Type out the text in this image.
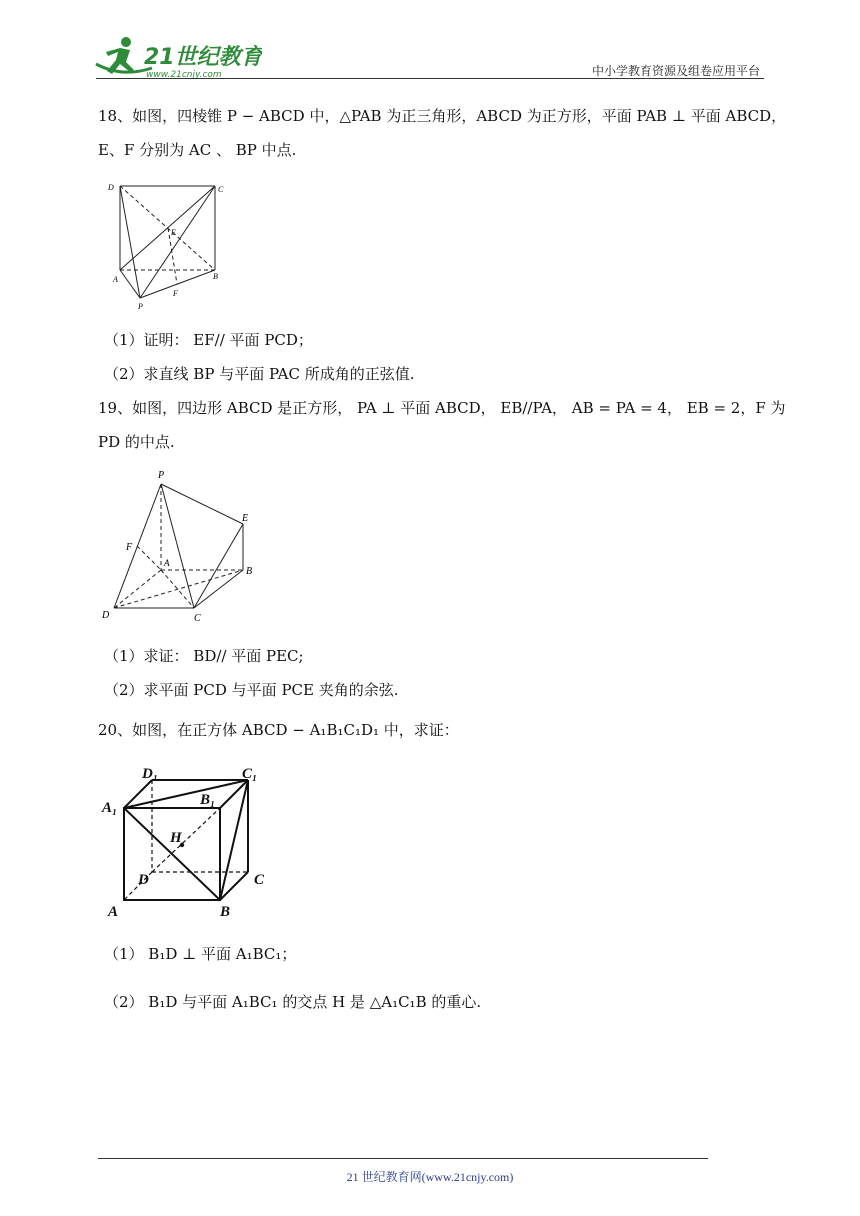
21世纪教育
www.21cnjy.com	中小学教育资源及组卷应用平台
18、如图，四棱锥 P − ABCD 中，△PAB 为正三角形，ABCD 为正方形，平面 PAB ⊥ 平面 ABCD，
E、F 分别为 AC 、 BP 中点.
D	C
E
A	B
P
F
（1）证明： EF// 平面 PCD；
（2）求直线 BP 与平面 PAC 所成角的正弦值.
19、如图，四边形 ABCD 是正方形， PA ⊥ 平面 ABCD， EB//PA， AB = PA = 4， EB = 2，F 为
PD 的中点.
P
E
F
A
B
D	C
（1）求证： BD// 平面 PEC;
（2）求平面 PCD 与平面 PCE 夹角的余弦.
20、如图，在正方体 ABCD − A₁B₁C₁D₁ 中，求证：
D₁	C₁
A₁	B₁
H
D	C
A	B
（1） B₁D ⊥ 平面 A₁BC₁；
（2） B₁D 与平面 A₁BC₁ 的交点 H 是 △A₁C₁B 的重心.
21 世纪教育网(www.21cnjy.com)
